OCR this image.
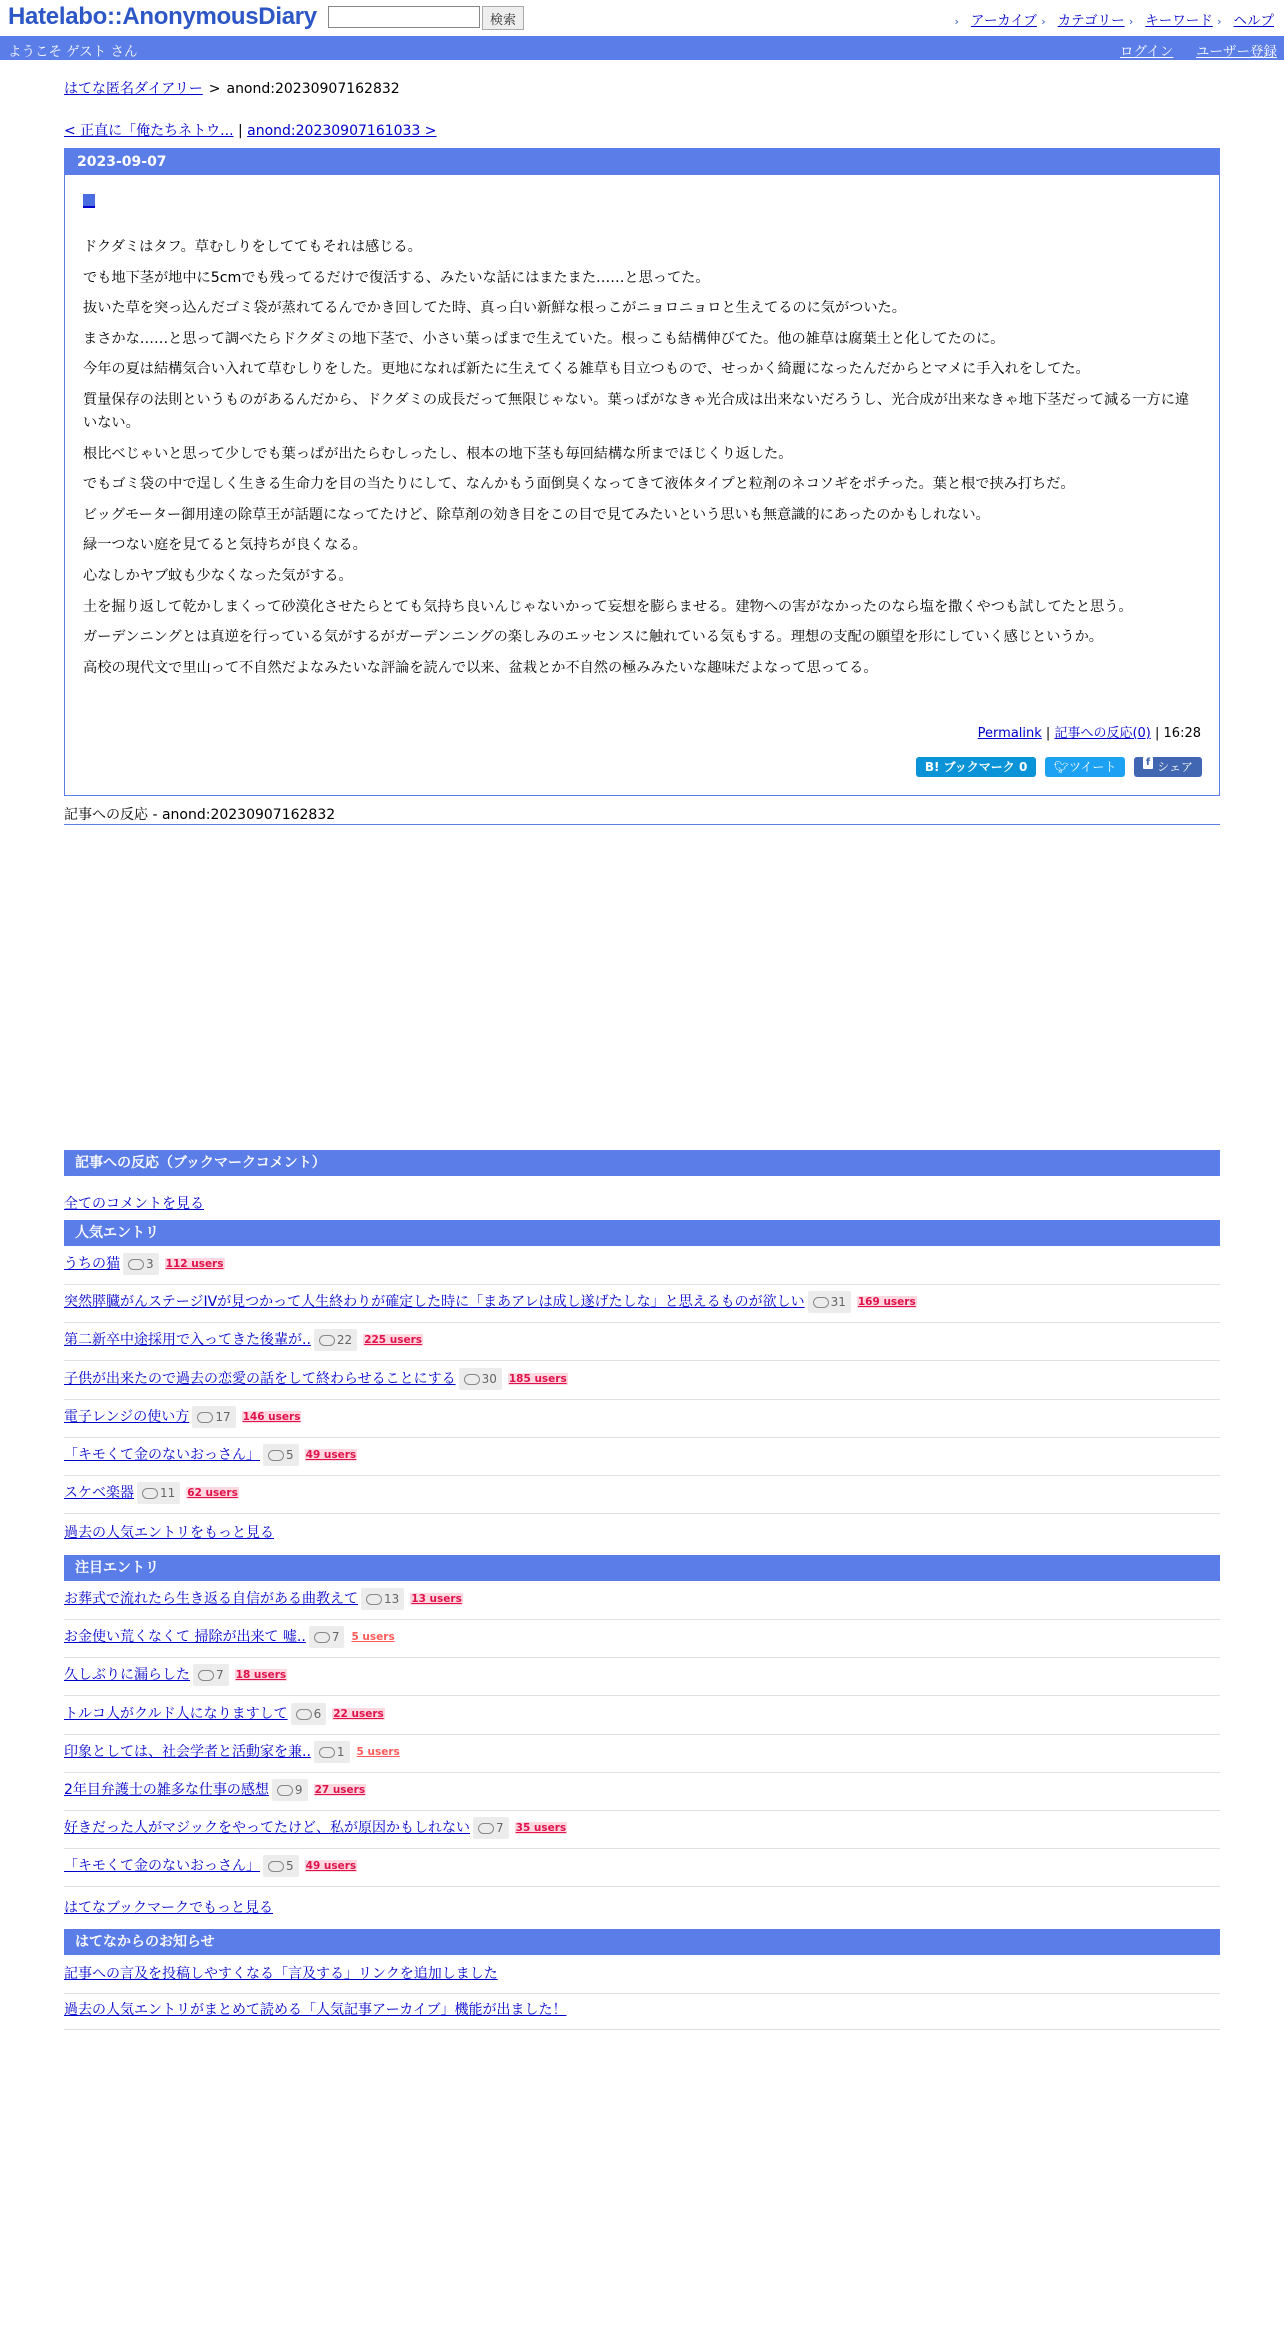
Hatelabo::AnonymousDiary	検索	› アーカイブ › カテゴリー › キーワード › ヘルプ
ようこそ ゲスト さん	ログイン ユーザー登録
はてな匿名ダイアリー > anond:20230907162832
< 正直に「俺たちネトウ... | anond:20230907161033 >
2023-09-07

ドクダミはタフ。草むしりをしててもそれは感じる。

でも地下茎が地中に5cmでも残ってるだけで復活する、みたいな話にはまたまた……と思ってた。

抜いた草を突っ込んだゴミ袋が蒸れてるんでかき回してた時、真っ白い新鮮な根っこがニョロニョロと生えてるのに気がついた。

まさかな……と思って調べたらドクダミの地下茎で、小さい葉っぱまで生えていた。根っこも結構伸びてた。他の雑草は腐葉土と化してたのに。

今年の夏は結構気合い入れて草むしりをした。更地になれば新たに生えてくる雑草も目立つもので、せっかく綺麗になったんだからとマメに手入れをしてた。

質量保存の法則というものがあるんだから、ドクダミの成長だって無限じゃない。葉っぱがなきゃ光合成は出来ないだろうし、光合成が出来なきゃ地下茎だって減る一方に違いない。

根比べじゃいと思って少しでも葉っぱが出たらむしったし、根本の地下茎も毎回結構な所までほじくり返した。

でもゴミ袋の中で逞しく生きる生命力を目の当たりにして、なんかもう面倒臭くなってきて液体タイプと粒剤のネコソギをポチった。葉と根で挟み打ちだ。

ビッグモーター御用達の除草王が話題になってたけど、除草剤の効き目をこの目で見てみたいという思いも無意識的にあったのかもしれない。

緑一つない庭を見てると気持ちが良くなる。

心なしかヤブ蚊も少なくなった気がする。

土を掘り返して乾かしまくって砂漠化させたらとても気持ち良いんじゃないかって妄想を膨らませる。建物への害がなかったのなら塩を撒くやつも試してたと思う。

ガーデンニングとは真逆を行っている気がするがガーデンニングの楽しみのエッセンスに触れている気もする。理想の支配の願望を形にしていく感じというか。

高校の現代文で里山って不自然だよなみたいな評論を読んで以来、盆栽とか不自然の極みみたいな趣味だよなって思ってる。

Permalink | 記事への反応(0) | 16:28
B! ブックマーク 0 🐦︎ツイート	f シェア
記事への反応 - anond:20230907162832
記事への反応（ブックマークコメント）
全てのコメントを見る
人気エントリ
うちの猫 3 112 users
突然膵臓がんステージIVが見つかって人生終わりが確定した時に「まあアレは成し遂げたしな」と思えるものが欲しい 31 169 users
第二新卒中途採用で入ってきた後輩が.. 22 225 users
子供が出来たので過去の恋愛の話をして終わらせることにする 30 185 users
電子レンジの使い方 17 146 users
「キモくて金のないおっさん」 5 49 users
スケベ楽器 11 62 users
過去の人気エントリをもっと見る
注目エントリ
お葬式で流れたら生き返る自信がある曲教えて 13 13 users
お金使い荒くなくて 掃除が出来て 嘘.. 7 5 users
久しぶりに漏らした 7 18 users
トルコ人がクルド人になりますして 6 22 users
印象としては、社会学者と活動家を兼.. 1 5 users
2年目弁護士の雑多な仕事の感想 9 27 users
好きだった人がマジックをやってたけど、私が原因かもしれない 7 35 users
「キモくて金のないおっさん」 5 49 users
はてなブックマークでもっと見る
はてなからのお知らせ
記事への言及を投稿しやすくなる「言及する」リンクを追加しました
過去の人気エントリがまとめて読める「人気記事アーカイブ」機能が出ました！
